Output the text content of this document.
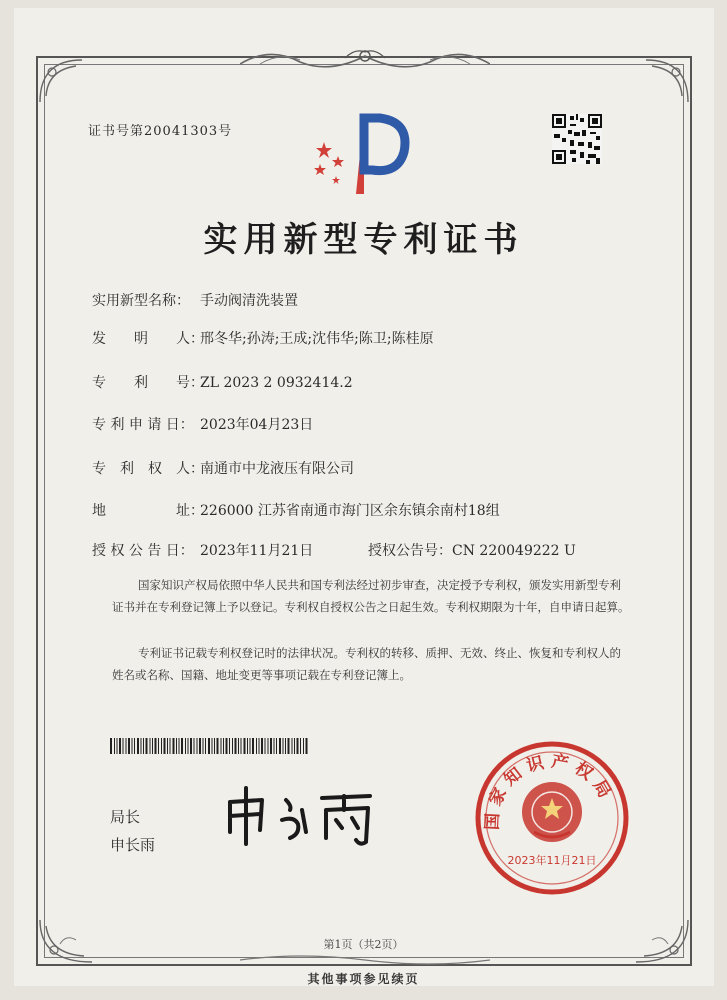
证书号第20041303号
实用新型专利证书
实用新型名称： 手动阀清洗装置
发　　明　　人：邢冬华;孙涛;王成;沈伟华;陈卫;陈桂原
专　　利　　号：ZL 2023 2 0932414.2
专 利 申 请 日： 2023年04月23日
专　利　权　人：南通市中龙液压有限公司
地　　　　　址：226000 江苏省南通市海门区余东镇余南村18组
授 权 公 告 日： 2023年11月21日	授权公告号：CN 220049222 U
国家知识产权局依照中华人民共和国专利法经过初步审查，决定授予专利权，颁发实用新型专利证书并在专利登记簿上予以登记。专利权自授权公告之日起生效。专利权期限为十年，自申请日起算。
专利证书记载专利权登记时的法律状况。专利权的转移、质押、无效、终止、恢复和专利权人的姓名或名称、国籍、地址变更等事项记载在专利登记簿上。
局长
申长雨
国家知识产权局
2023年11月21日
第1页（共2页）
其他事项参见续页
